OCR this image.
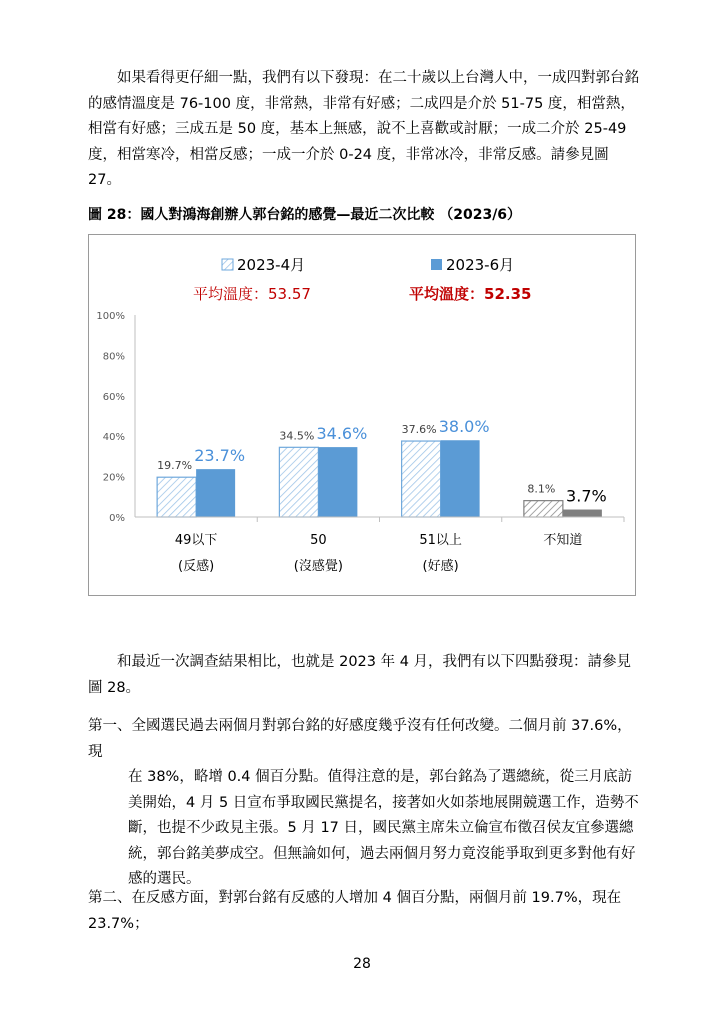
如果看得更仔細一點，我們有以下發現：在二十歲以上台灣人中，一成四對郭台銘的感情溫度是 76-100 度，非常熱，非常有好感；二成四是介於 51-75 度，相當熱，相當有好感；三成五是 50 度，基本上無感，說不上喜歡或討厭；一成二介於 25-49 度，相當寒冷，相當反感；一成一介於 0-24 度，非常冰冷，非常反感。請參見圖 27。

圖 28：國人對鴻海創辦人郭台銘的感覺—最近二次比較 （2023/6）
2023-4月	2023-6月
平均溫度：53.57	平均溫度：52.35
0%
20%
40%
60%
80%
100%
19.7%
23.7%
34.5% 34.6%	37.6% 38.0%
8.1% 3.7%
49以下
(反感)
50
(沒感覺)
51以上
(好感)
不知道

和最近一次調查結果相比，也就是 2023 年 4 月，我們有以下四點發現：請參見圖 28。

第一、全國選民過去兩個月對郭台銘的好感度幾乎沒有任何改變。二個月前 37.6%，現
在 38%，略增 0.4 個百分點。值得注意的是，郭台銘為了選總統，從三月底訪美開始，4 月 5 日宣布爭取國民黨提名，接著如火如荼地展開競選工作，造勢不斷，也提不少政見主張。5 月 17 日，國民黨主席朱立倫宣布徵召侯友宜參選總統，郭台銘美夢成空。但無論如何，過去兩個月努力竟沒能爭取到更多對他有好感的選民。

第二、在反感方面，對郭台銘有反感的人增加 4 個百分點，兩個月前 19.7%，現在 23.7%；

28
